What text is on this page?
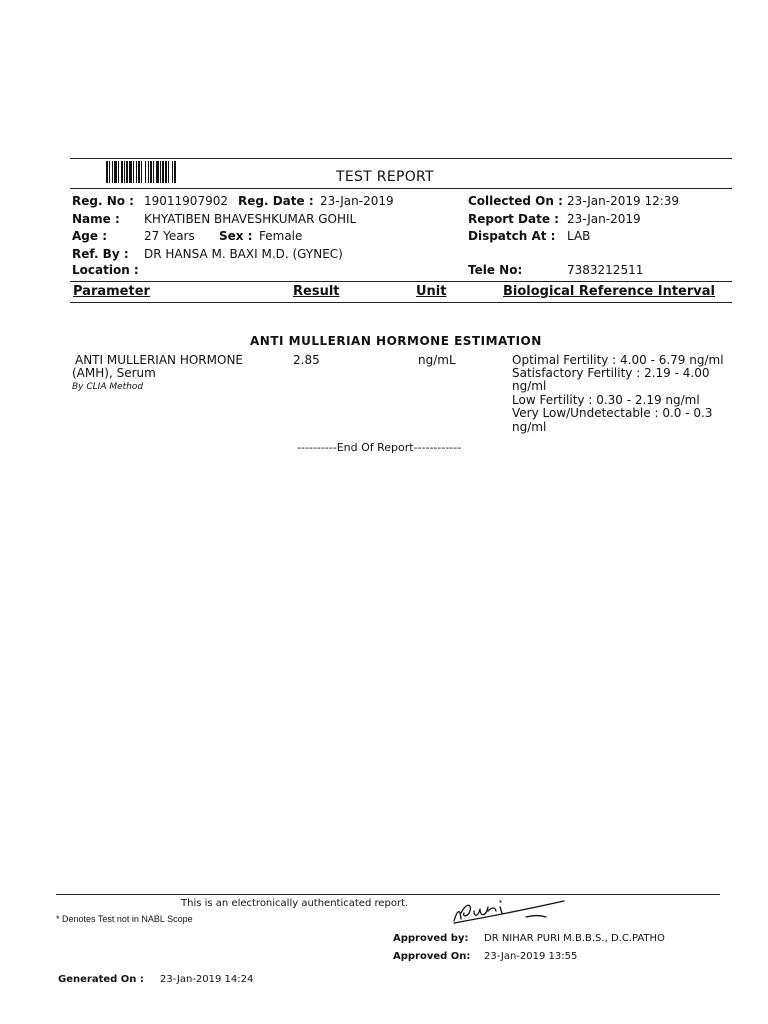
TEST REPORT
Reg. No : 19011907902 Reg. Date : 23-Jan-2019	Collected On : 23-Jan-2019 12:39
Name : KHYATIBEN BHAVESHKUMAR GOHIL	Report Date : 23-Jan-2019
Age :	27 Years Sex : Female	Dispatch At : LAB
Ref. By : DR HANSA M. BAXI M.D. (GYNEC)
Location :	Tele No:	7383212511
Parameter	Result	Unit	Biological Reference Interval
ANTI MULLERIAN HORMONE ESTIMATION
ANTI MULLERIAN HORMONE
(AMH), Serum
By CLIA Method
2.85	ng/mL	Optimal Fertility : 4.00 - 6.79 ng/ml
Satisfactory Fertility : 2.19 - 4.00
ng/ml
Low Fertility : 0.30 - 2.19 ng/ml
Very Low/Undetectable : 0.0 - 0.3
ng/ml
----------End Of Report------------
This is an electronically authenticated report.
* Denotes Test not in NABL Scope
Approved by: DR NIHAR PURI M.B.B.S., D.C.PATHO
Approved On: 23-Jan-2019 13:55
Generated On : 23-Jan-2019 14:24
